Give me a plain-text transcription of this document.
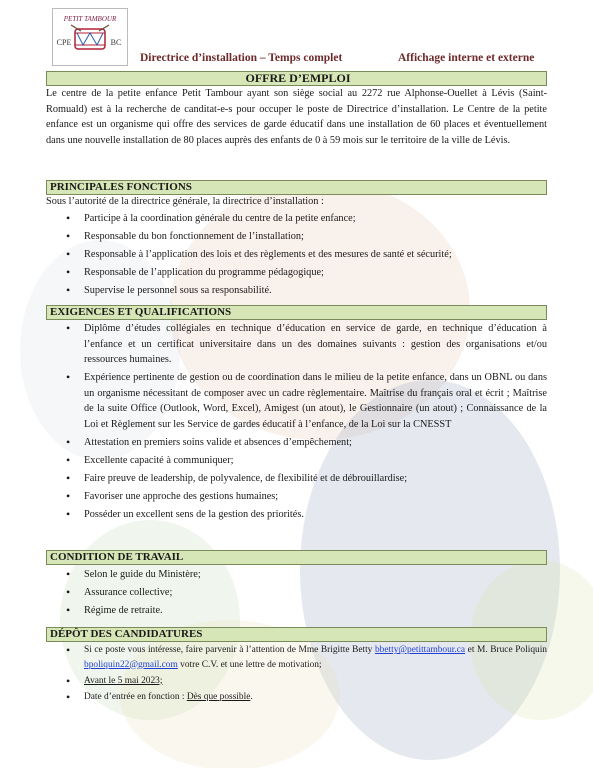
PETIT TAMBOUR
CPE	BC
Directrice d’installation – Temps complet	Affichage interne et externe
OFFRE D’EMPLOI
Le centre de la petite enfance Petit Tambour ayant son siège social au 2272 rue Alphonse-Ouellet à Lévis (Saint-Romuald) est à la recherche de canditat-e-s pour occuper le poste de Directrice d’installation. Le Centre de la petite enfance est un organisme qui offre des services de garde éducatif dans une installation de 60 places et éventuellement dans une nouvelle installation de 80 places auprès des enfants de 0 à 59 mois sur le territoire de la ville de Lévis.
PRINCIPALES FONCTIONS
Sous l’autorité de la directrice générale, la directrice d’installation :
• Participe à la coordination générale du centre de la petite enfance;
• Responsable du bon fonctionnement de l’installation;
• Responsable à l’application des lois et des règlements et des mesures de santé et sécurité;
• Responsable de l’application du programme pédagogique;
• Supervise le personnel sous sa responsabilité.
EXIGENCES ET QUALIFICATIONS
• Diplôme d’études collégiales en technique d’éducation en service de garde, en technique d’éducation à l’enfance et un certificat universitaire dans un des domaines suivants : gestion des organisations et/ou ressources humaines.
• Expérience pertinente de gestion ou de coordination dans le milieu de la petite enfance, dans un OBNL ou dans un organisme nécessitant de composer avec un cadre règlementaire. Maîtrise du français oral et écrit ; Maîtrise de la suite Office (Outlook, Word, Excel), Amigest (un atout), le Gestionnaire (un atout) ; Connaissance de la Loi et Règlement sur les Service de gardes éducatif à l’enfance, de la Loi sur la CNESST
• Attestation en premiers soins valide et absences d’empêchement;
• Excellente capacité à communiquer;
• Faire preuve de leadership, de polyvalence, de flexibilité et de débrouillardise;
• Favoriser une approche des gestions humaines;
• Posséder un excellent sens de la gestion des priorités.
CONDITION DE TRAVAIL
• Selon le guide du Ministère;
• Assurance collective;
• Régime de retraite.
DÉPÔT DES CANDIDATURES
• Si ce poste vous intéresse, faire parvenir à l’attention de Mme Brigitte Betty bbetty@petittambour.ca et M. Bruce Poliquin bpoliquin22@gmail.com votre C.V. et une lettre de motivation;
• Avant le 5 mai 2023;
• Date d’entrée en fonction : Dès que possible.
